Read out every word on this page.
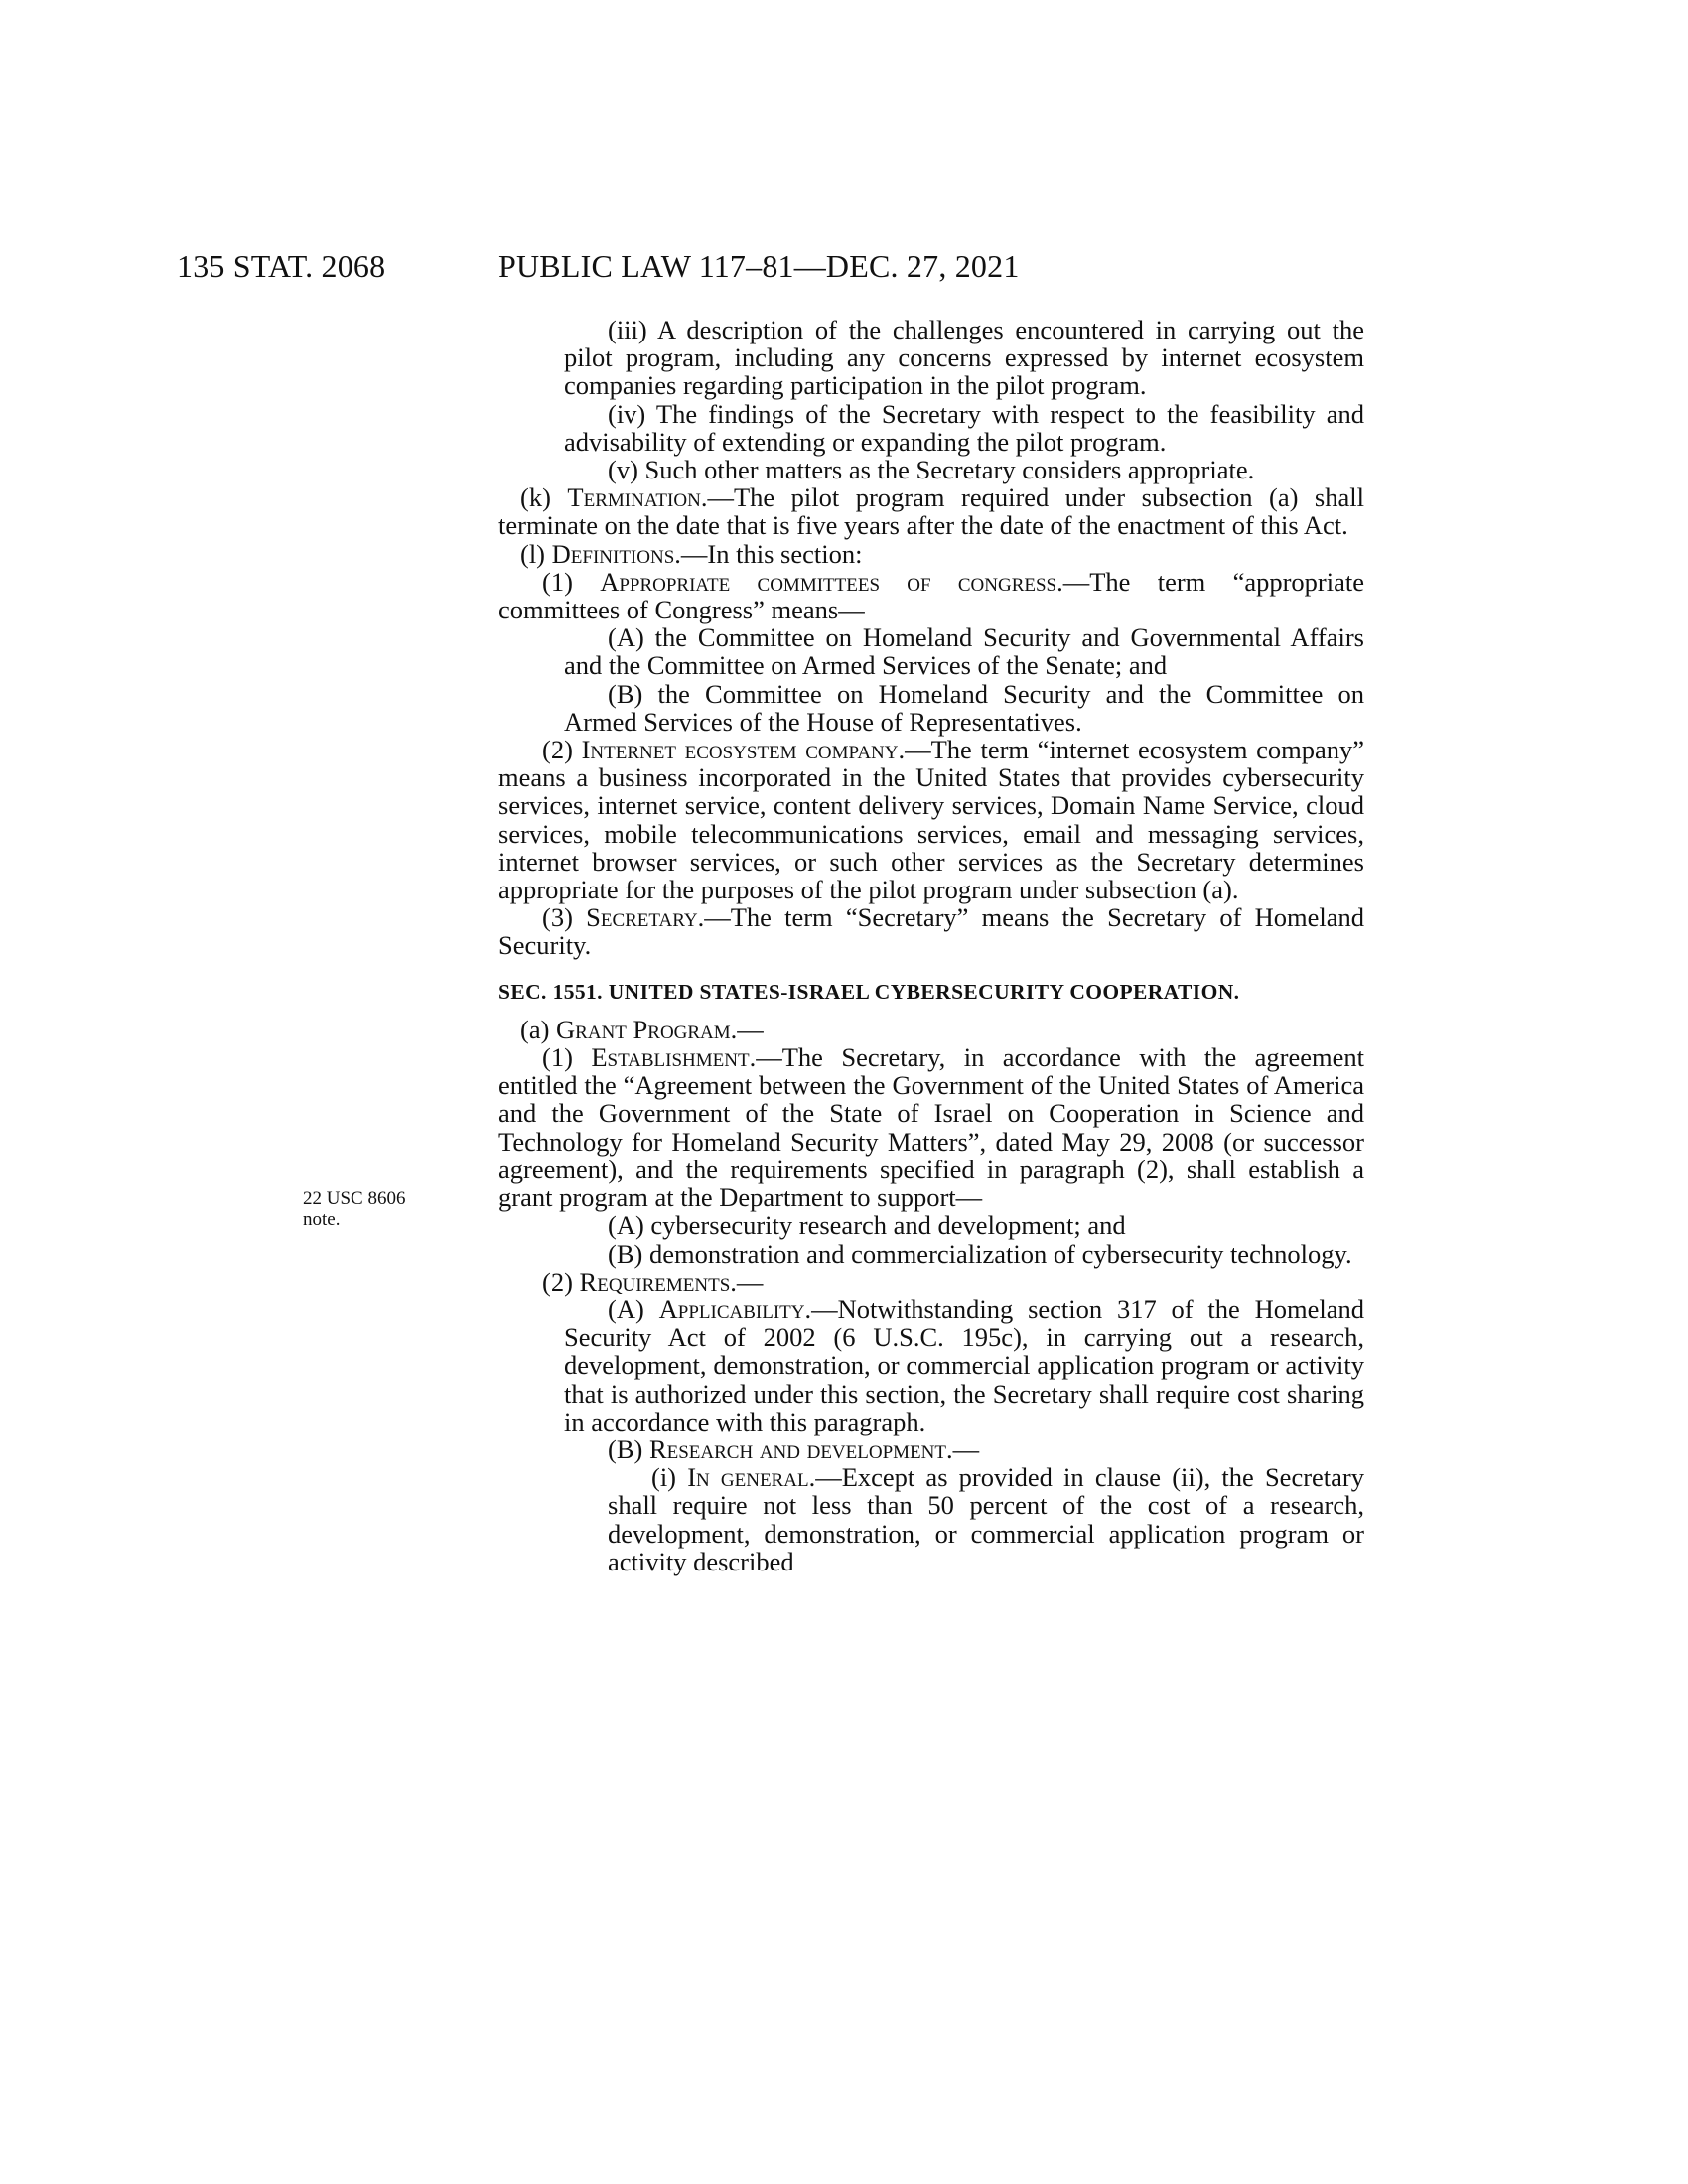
135 STAT. 2068	PUBLIC LAW 117–81—DEC. 27, 2021
22 USC 8606
note.

(iii) A description of the challenges encountered in carrying out the pilot program, including any concerns expressed by internet ecosystem companies regarding participation in the pilot program.

(iv) The findings of the Secretary with respect to the feasibility and advisability of extending or expanding the pilot program.

(v) Such other matters as the Secretary considers appropriate.

(k) Termination.—The pilot program required under subsection (a) shall terminate on the date that is five years after the date of the enactment of this Act.

(l) Definitions.—In this section:

(1) Appropriate committees of congress.—The term “appropriate committees of Congress” means—

(A) the Committee on Homeland Security and Governmental Affairs and the Committee on Armed Services of the Senate; and

(B) the Committee on Homeland Security and the Committee on Armed Services of the House of Representatives.

(2) Internet ecosystem company.—The term “internet ecosystem company” means a business incorporated in the United States that provides cybersecurity services, internet service, content delivery services, Domain Name Service, cloud services, mobile telecommunications services, email and messaging services, internet browser services, or such other services as the Secretary determines appropriate for the purposes of the pilot program under subsection (a).

(3) Secretary.—The term “Secretary” means the Secretary of Homeland Security.

SEC. 1551. UNITED STATES-ISRAEL CYBERSECURITY COOPERATION.

(a) Grant Program.—

(1) Establishment.—The Secretary, in accordance with the agreement entitled the “Agreement between the Government of the United States of America and the Government of the State of Israel on Cooperation in Science and Technology for Homeland Security Matters”, dated May 29, 2008 (or successor agreement), and the requirements specified in paragraph (2), shall establish a grant program at the Department to support—

(A) cybersecurity research and development; and

(B) demonstration and commercialization of cybersecurity technology.

(2) Requirements.—

(A) Applicability.—Notwithstanding section 317 of the Homeland Security Act of 2002 (6 U.S.C. 195c), in carrying out a research, development, demonstration, or commercial application program or activity that is authorized under this section, the Secretary shall require cost sharing in accordance with this paragraph.

(B) Research and development.—

(i) In general.—Except as provided in clause (ii), the Secretary shall require not less than 50 percent of the cost of a research, development, demonstration, or commercial application program or activity described
